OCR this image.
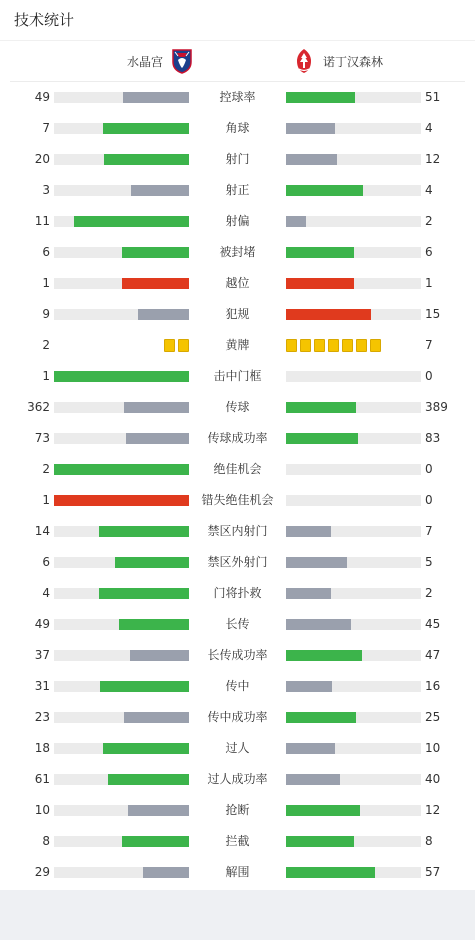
技术统计
水晶宫	诺丁汉森林
49	控球率	51
7	角球	4
20	射门	12
3	射正	4
11	射偏	2
6	被封堵	6
1	越位	1
9	犯规	15
2	黄牌	7
1	击中门框	0
362	传球	389
73	传球成功率	83
2	绝佳机会	0
1	错失绝佳机会	0
14	禁区内射门	7
6	禁区外射门	5
4	门将扑救	2
49	长传	45
37	长传成功率	47
31	传中	16
23	传中成功率	25
18	过人	10
61	过人成功率	40
10	抢断	12
8	拦截	8
29	解围	57
